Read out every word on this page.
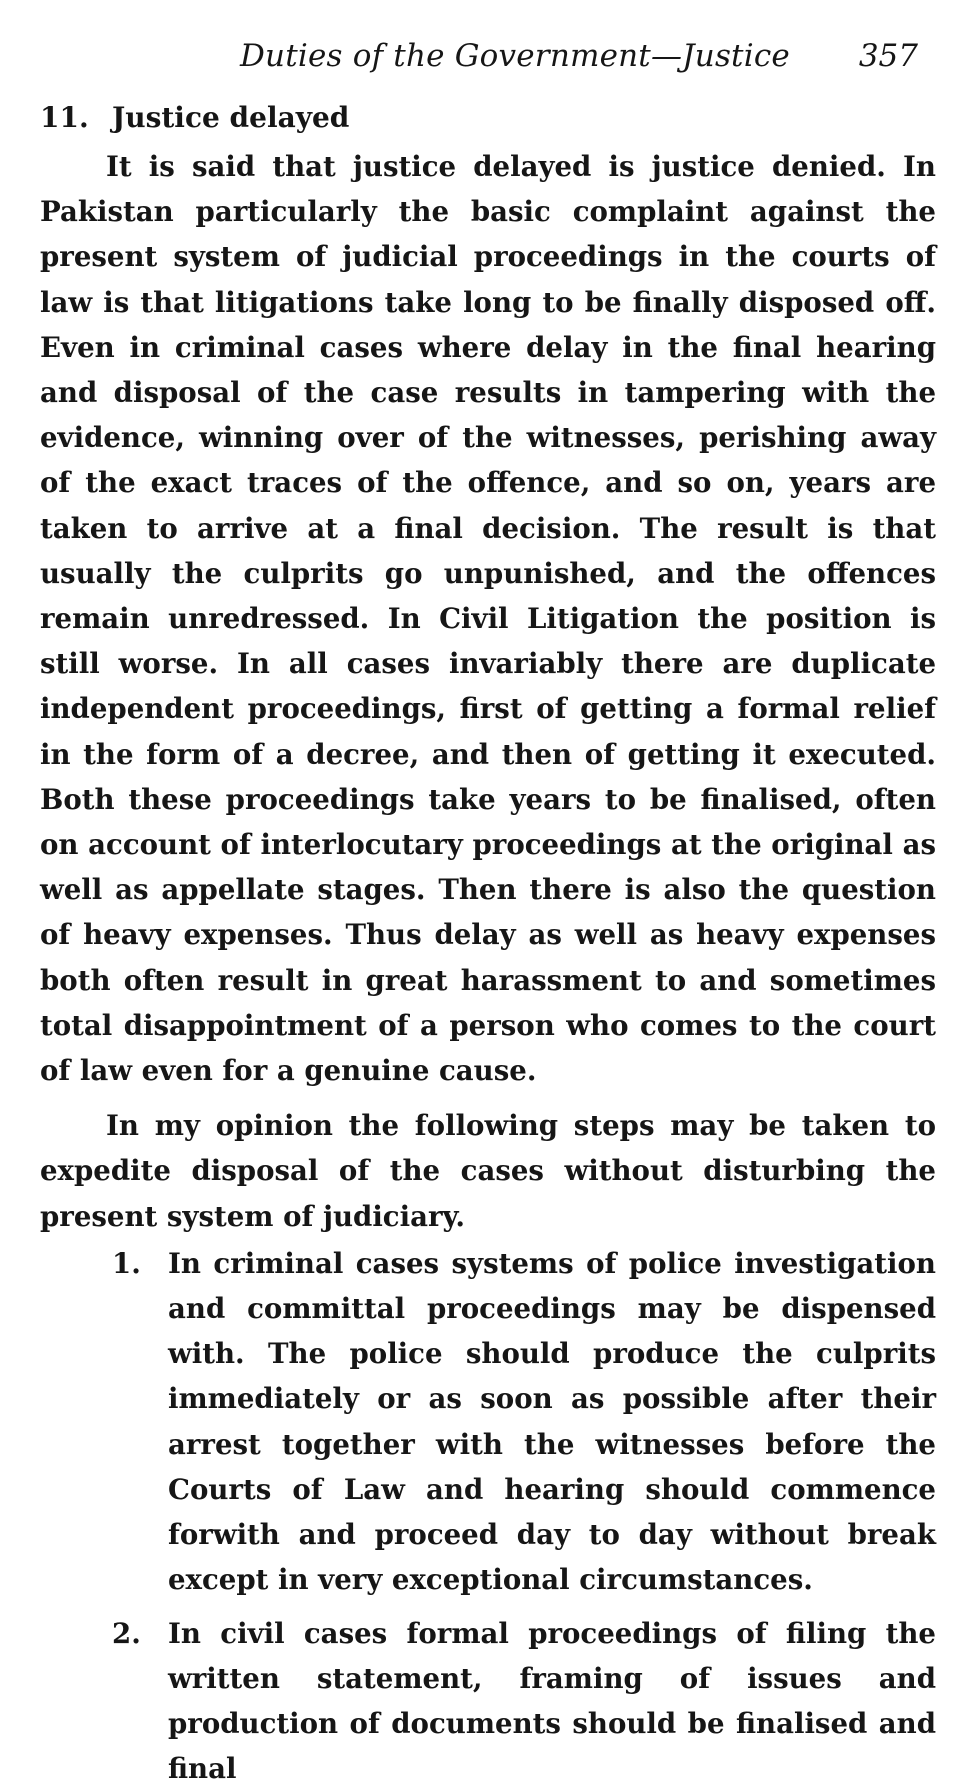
Duties of the Government—Justice 357
11. Justice delayed

It is said that justice delayed is justice denied. In Pakistan particularly the basic complaint against the present system of judicial proceedings in the courts of law is that litigations take long to be finally disposed off. Even in criminal cases where delay in the final hearing and disposal of the case results in tampering with the evidence, winning over of the witnesses, perishing away of the exact traces of the offence, and so on, years are taken to arrive at a final decision. The result is that usually the culprits go unpunished, and the offences remain unredressed. In Civil Litigation the position is still worse. In all cases invariably there are duplicate independent proceedings, first of getting a formal relief in the form of a decree, and then of getting it executed. Both these proceedings take years to be finalised, often on account of interlocutary proceedings at the original as well as appellate stages. Then there is also the question of heavy expenses. Thus delay as well as heavy expenses both often result in great harassment to and sometimes total disappointment of a person who comes to the court of law even for a genuine cause.

In my opinion the following steps may be taken to expedite disposal of the cases without disturbing the present system of judiciary.

1. In criminal cases systems of police investigation and committal proceedings may be dispensed with. The police should produce the culprits immediately or as soon as possible after their arrest together with the witnesses before the Courts of Law and hearing should commence forwith and proceed day to day without break except in very exceptional circumstances.
2. In civil cases formal proceedings of filing the written statement, framing of issues and production of documents should be finalised and final
